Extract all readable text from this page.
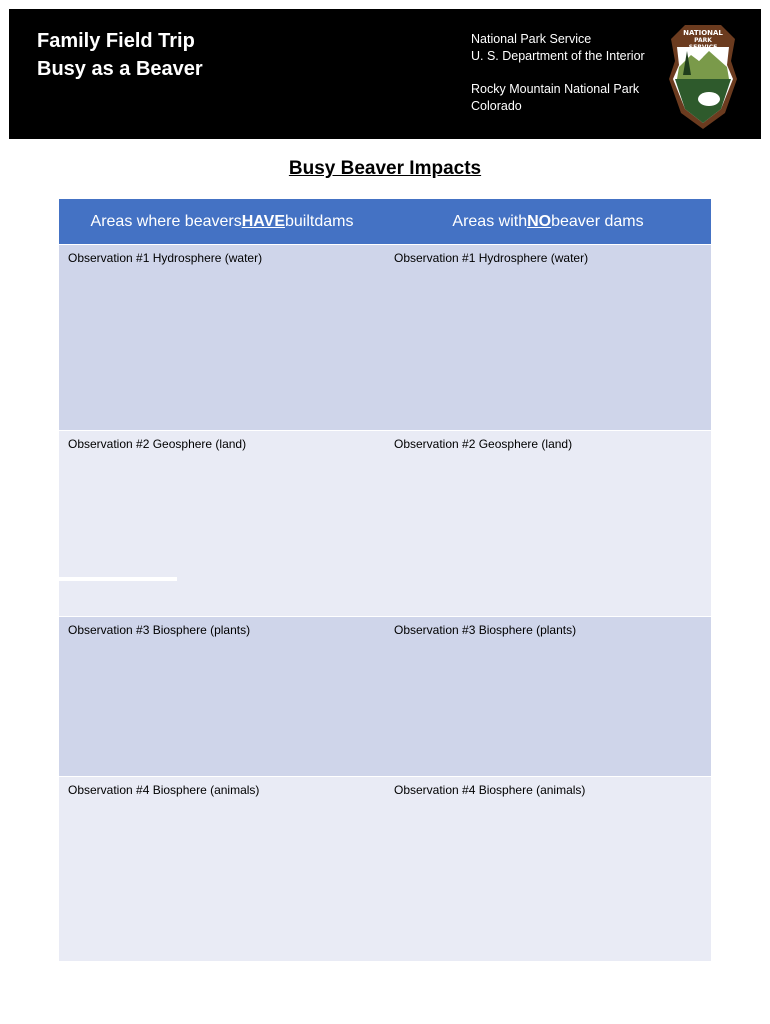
Family Field Trip
Busy as a Beaver
National Park Service
U. S. Department of the Interior
Rocky Mountain National Park
Colorado
NATIONAL
PARK
SERVICE
Busy Beaver Impacts
Areas where beavers HAVE builtdams	Areas with NO beaver dams
Observation #1 Hydrosphere (water)	Observation #1 Hydrosphere (water)
Observation #2 Geosphere (land)	Observation #2 Geosphere (land)
Observation #3 Biosphere (plants)	Observation #3 Biosphere (plants)
Observation #4 Biosphere (animals)	Observation #4 Biosphere (animals)
